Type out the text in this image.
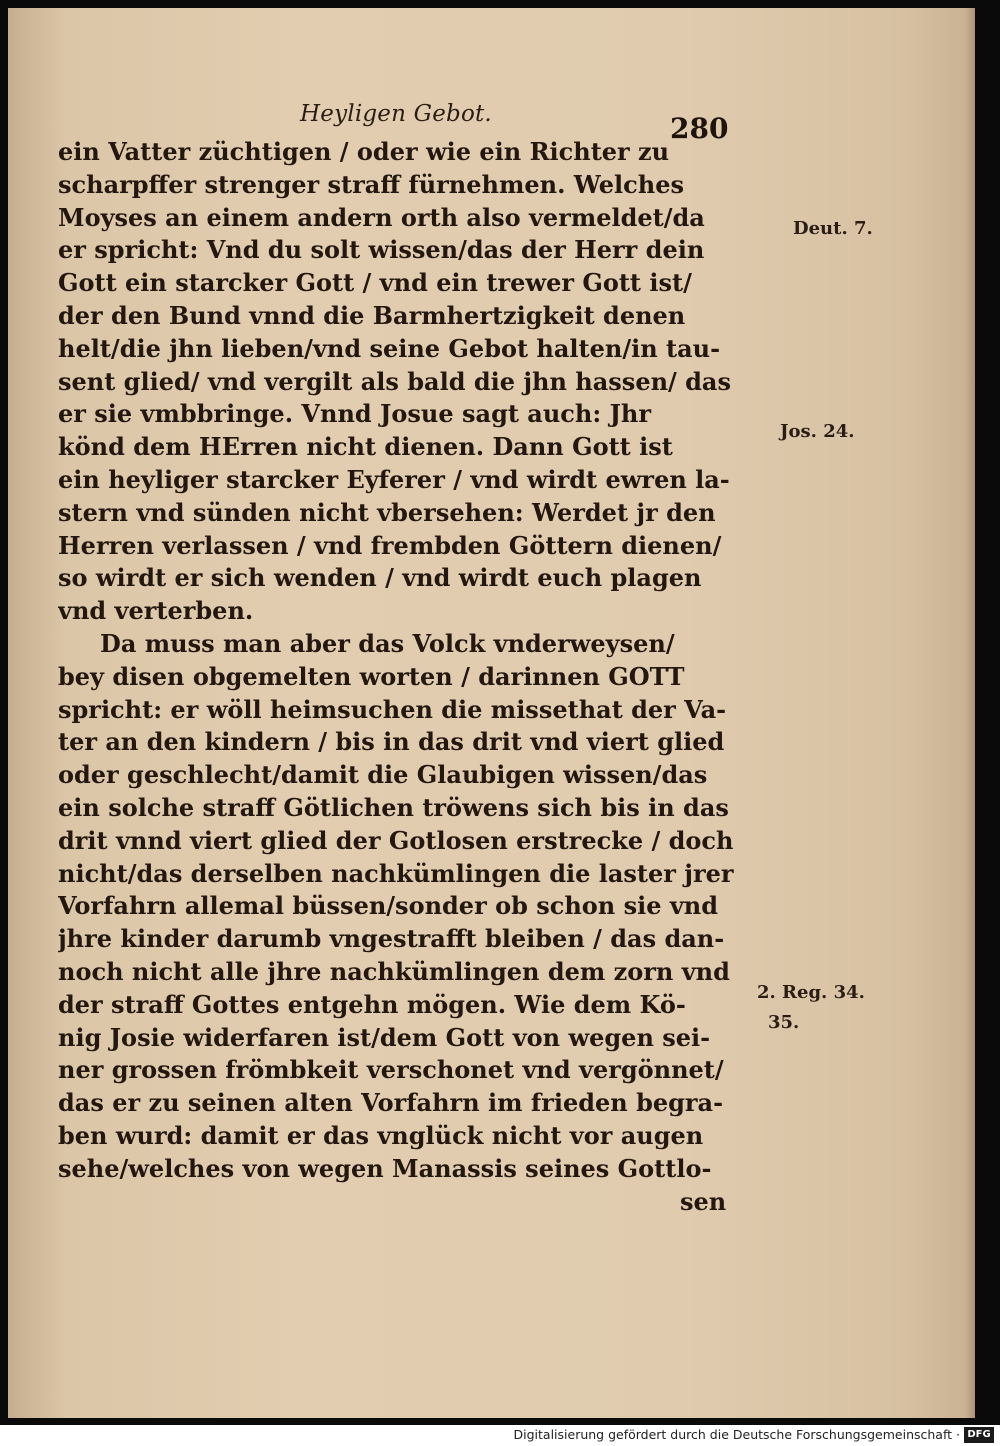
Heyligen Gebot.	280
ein Vatter züchtigen / oder wie ein Richter zu
scharpffer strenger straff fürnehmen. Welches
Moyses an einem andern orth also vermeldet/da
er spricht: Vnd du solt wissen/das der Herr dein
Gott ein starcker Gott / vnd ein trewer Gott ist/
der den Bund vnnd die Barmhertzigkeit denen
helt/die jhn lieben/vnd seine Gebot halten/in tau-
sent glied/ vnd vergilt als bald die jhn hassen/ das
er sie vmbbringe. Vnnd Josue sagt auch: Jhr
könd dem HErren nicht dienen. Dann Gott ist
ein heyliger starcker Eyferer / vnd wirdt ewren la-
stern vnd sünden nicht vbersehen: Werdet jr den
Herren verlassen / vnd frembden Göttern dienen/
so wirdt er sich wenden / vnd wirdt euch plagen
vnd verterben.
Da muss man aber das Volck vnderweysen/
bey disen obgemelten worten / darinnen GOTT
spricht: er wöll heimsuchen die missethat der Va-
ter an den kindern / bis in das drit vnd viert glied
oder geschlecht/damit die Glaubigen wissen/das
ein solche straff Götlichen tröwens sich bis in das
drit vnnd viert glied der Gotlosen erstrecke / doch
nicht/das derselben nachkümlingen die laster jrer
Vorfahrn allemal büssen/sonder ob schon sie vnd
jhre kinder darumb vngestrafft bleiben / das dan-
noch nicht alle jhre nachkümlingen dem zorn vnd
der straff Gottes entgehn mögen. Wie dem Kö-
nig Josie widerfaren ist/dem Gott von wegen sei-
ner grossen frömbkeit verschonet vnd vergönnet/
das er zu seinen alten Vorfahrn im frieden begra-
ben wurd: damit er das vnglück nicht vor augen
sehe/welches von wegen Manassis seines Gottlo-
sen
Deut. 7.
Jos. 24.
2. Reg. 34.
35.
Digitalisierung gefördert durch die Deutsche Forschungsgemeinschaft · DFG
